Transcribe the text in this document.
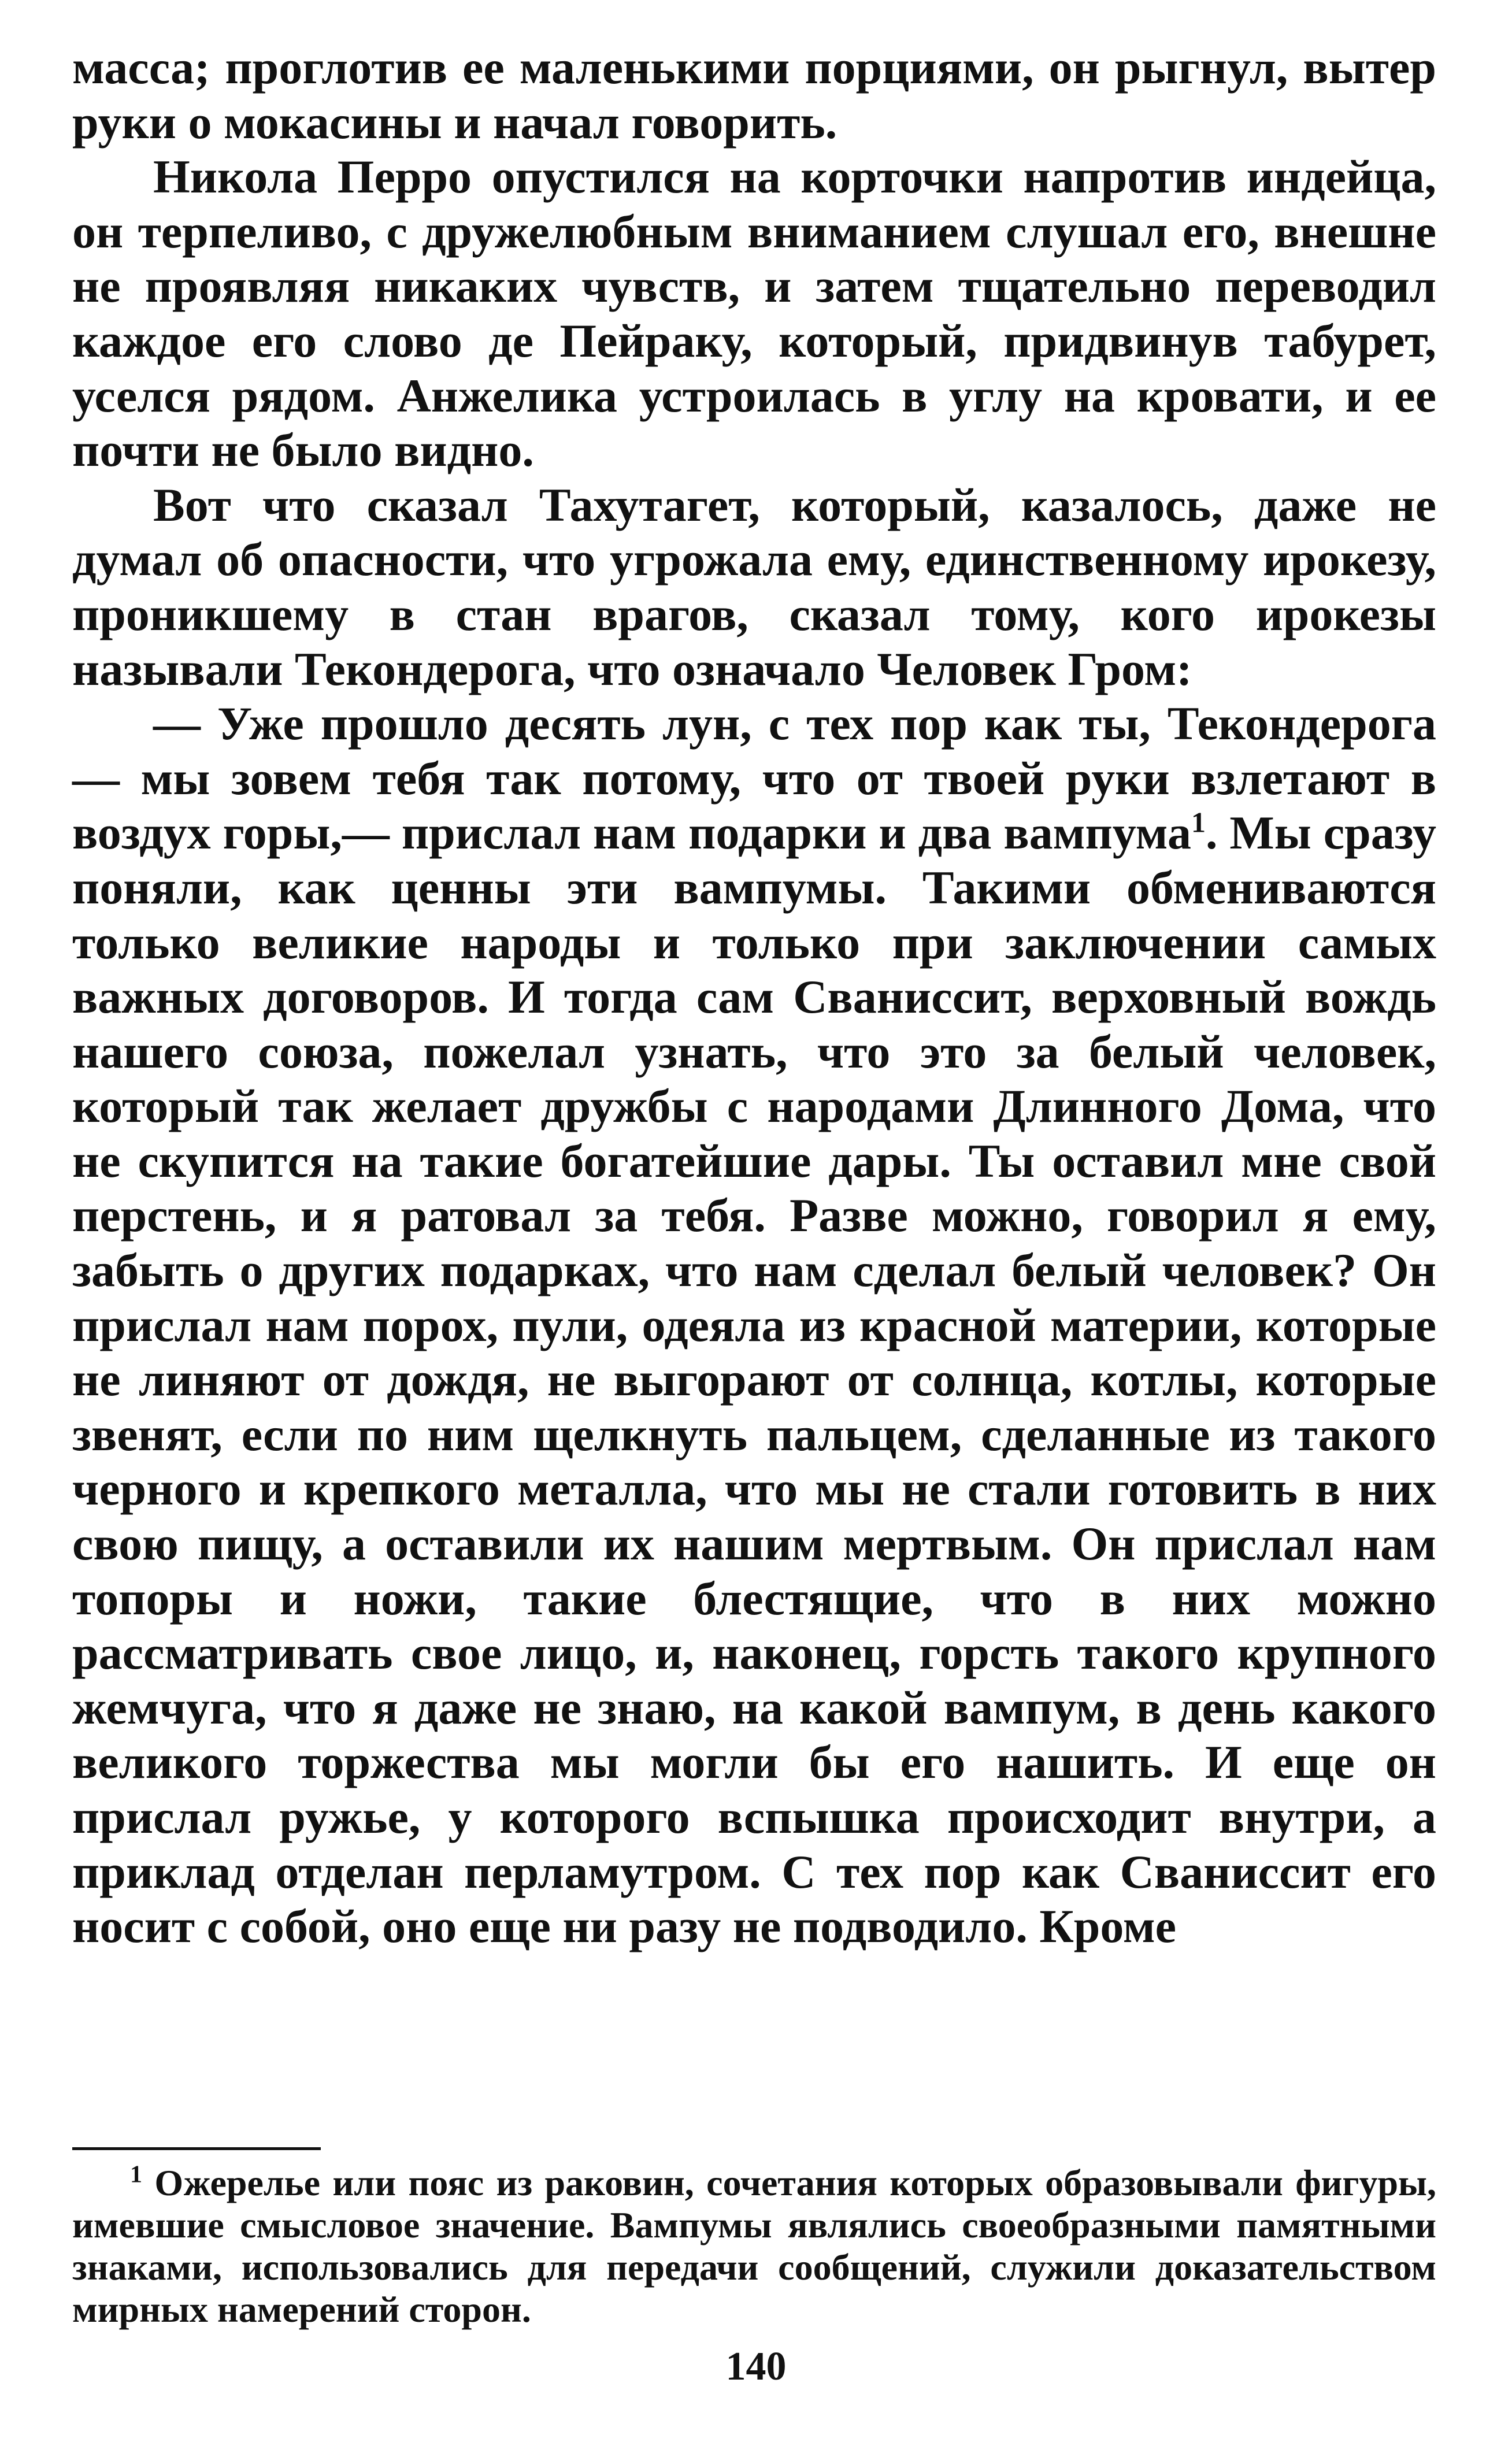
масса; проглотив ее маленькими порциями, он рыгнул, вытер руки о мокасины и начал говорить.

Никола Перро опустился на корточки напротив индейца, он терпеливо, с дружелюбным вниманием слушал его, внешне не проявляя никаких чувств, и затем тщательно переводил каждое его слово де Пейраку, который, придвинув табурет, уселся рядом. Анжелика устроилась в углу на кровати, и ее почти не было видно.

Вот что сказал Тахутагет, который, казалось, даже не думал об опасности, что угрожала ему, единственному ирокезу, проникшему в стан врагов, сказал тому, кого ирокезы называли Текондерога, что означало Человек Гром:

— Уже прошло десять лун, с тех пор как ты, Текондерога — мы зовем тебя так потому, что от твоей руки взлетают в воздух горы,— прислал нам подарки и два вампума$^1$. Мы сразу поняли, как ценны эти вампумы. Такими обмениваются только великие народы и только при заключении самых важных договоров. И тогда сам Сваниссит, верховный вождь нашего союза, пожелал узнать, что это за белый человек, который так желает дружбы с народами Длинного Дома, что не скупится на такие богатейшие дары. Ты оставил мне свой перстень, и я ратовал за тебя. Разве можно, говорил я ему, забыть о других подарках, что нам сделал белый человек? Он прислал нам порох, пули, одеяла из красной материи, которые не линяют от дождя, не выгорают от солнца, котлы, которые звенят, если по ним щелкнуть пальцем, сделанные из такого черного и крепкого металла, что мы не стали готовить в них свою пищу, а оставили их нашим мертвым. Он прислал нам топоры и ножи, такие блестящие, что в них можно рассматривать свое лицо, и, наконец, горсть такого крупного жемчуга, что я даже не знаю, на какой вампум, в день какого великого торжества мы могли бы его нашить. И еще он прислал ружье, у которого вспышка происходит внутри, а приклад отделан перламутром. С тех пор как Сваниссит его носит с собой, оно еще ни разу не подводило. Кроме

$^1$ Ожерелье или пояс из раковин, сочетания которых образовывали фигуры, имевшие смысловое значение. Вампумы являлись своеобразными памятными знаками, использовались для передачи сообщений, служили доказательством мирных намерений сторон.

140
